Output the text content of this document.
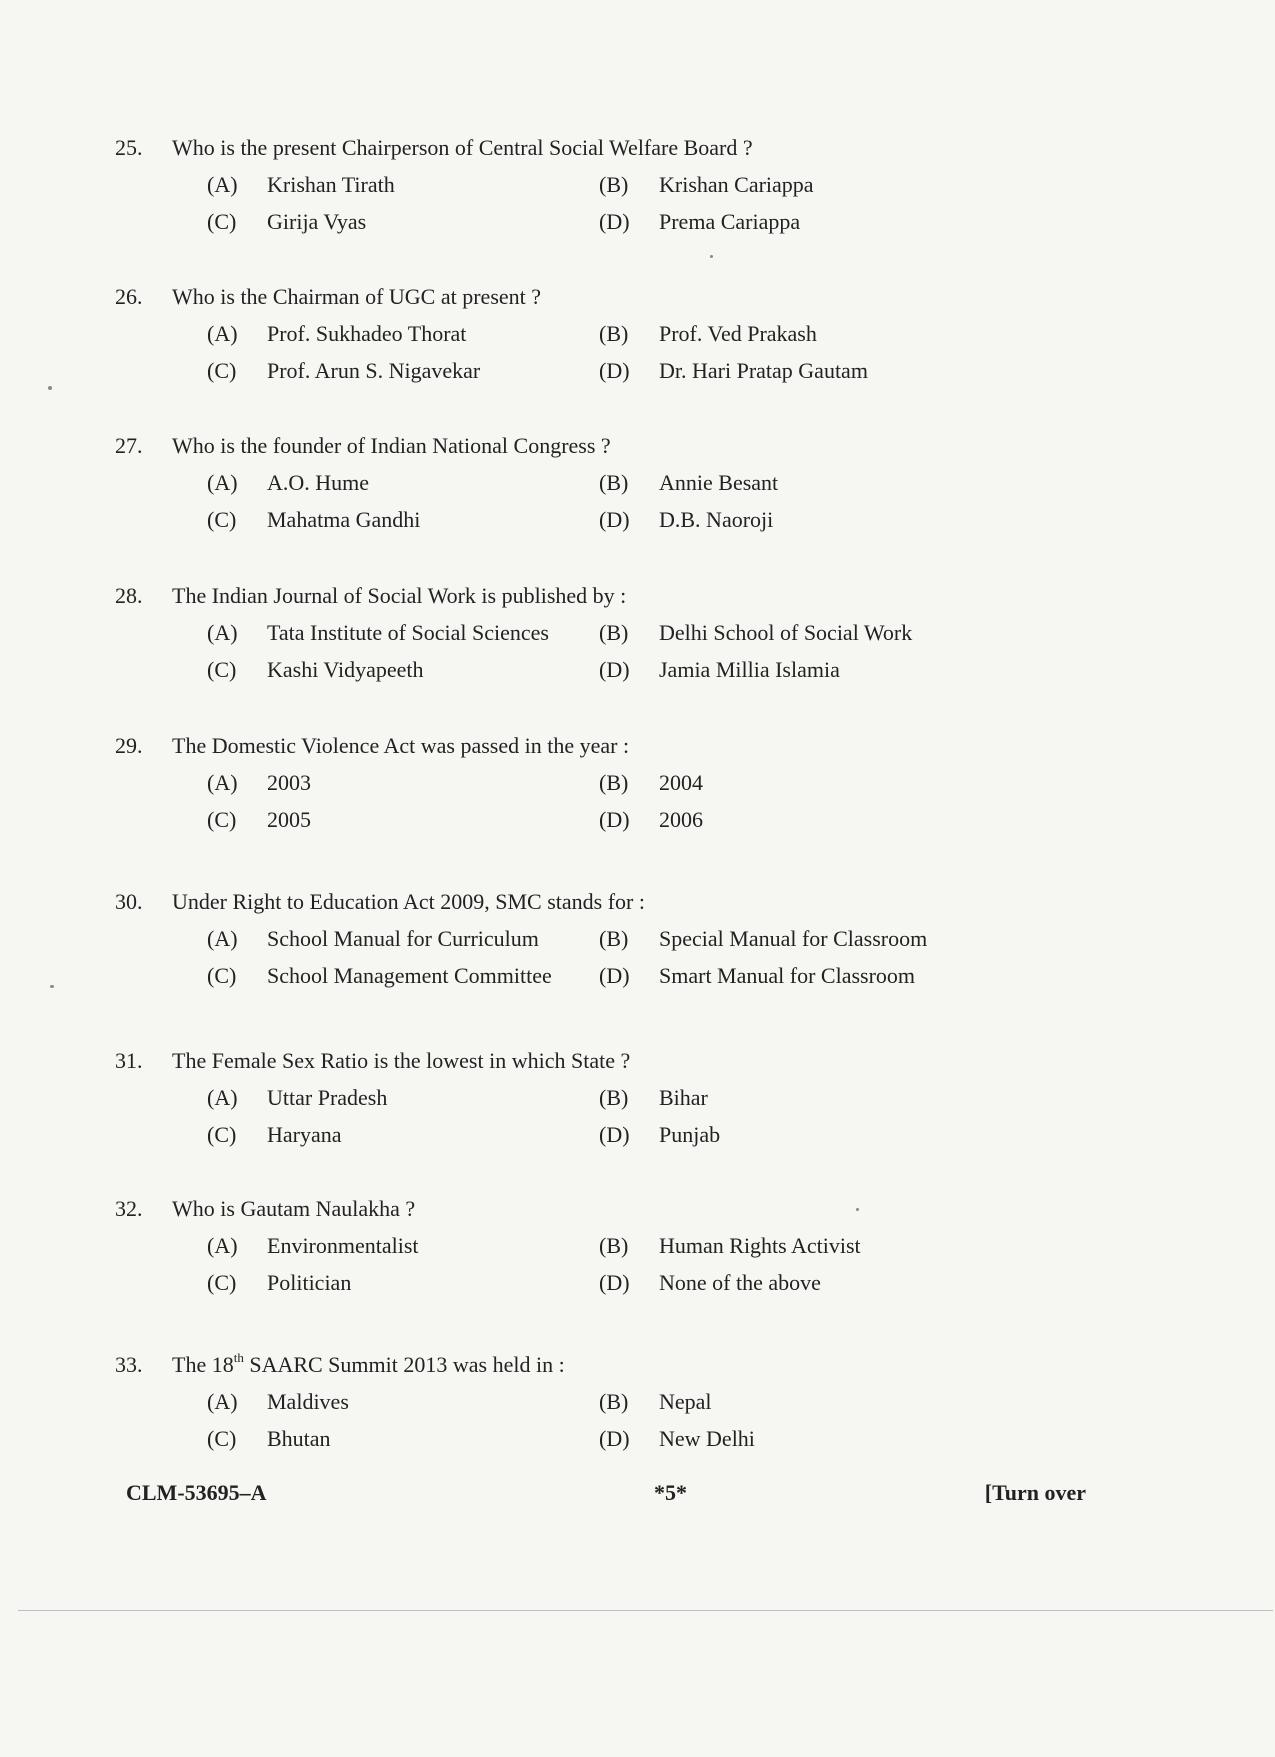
25.	Who is the present Chairperson of Central Social Welfare Board ?
(A)	Krishan Tirath	(B)	Krishan Cariappa
(C)	Girija Vyas	(D)	Prema Cariappa
26.	Who is the Chairman of UGC at present ?
(A)	Prof. Sukhadeo Thorat	(B)	Prof. Ved Prakash
(C)	Prof. Arun S. Nigavekar	(D)	Dr. Hari Pratap Gautam
27.	Who is the founder of Indian National Congress ?
(A)	A.O. Hume	(B)	Annie Besant
(C)	Mahatma Gandhi	(D)	D.B. Naoroji
28.	The Indian Journal of Social Work is published by :
(A)	Tata Institute of Social Sciences (B)	Delhi School of Social Work
(C)	Kashi Vidyapeeth	(D)	Jamia Millia Islamia
29.	The Domestic Violence Act was passed in the year :
(A)	2003	(B)	2004
(C)	2005	(D)	2006
30.	Under Right to Education Act 2009, SMC stands for :
(A)	School Manual for Curriculum	(B)	Special Manual for Classroom
(C)	School Management Committee (D)	Smart Manual for Classroom
31.	The Female Sex Ratio is the lowest in which State ?
(A)	Uttar Pradesh	(B)	Bihar
(C)	Haryana	(D)	Punjab
32.	Who is Gautam Naulakha ?
(A)	Environmentalist	(B)	Human Rights Activist
(C)	Politician	(D)	None of the above
33.	The 18th SAARC Summit 2013 was held in :
(A)	Maldives	(B)	Nepal
(C)	Bhutan	(D)	New Delhi
CLM-53695–A	*5*	[Turn over
